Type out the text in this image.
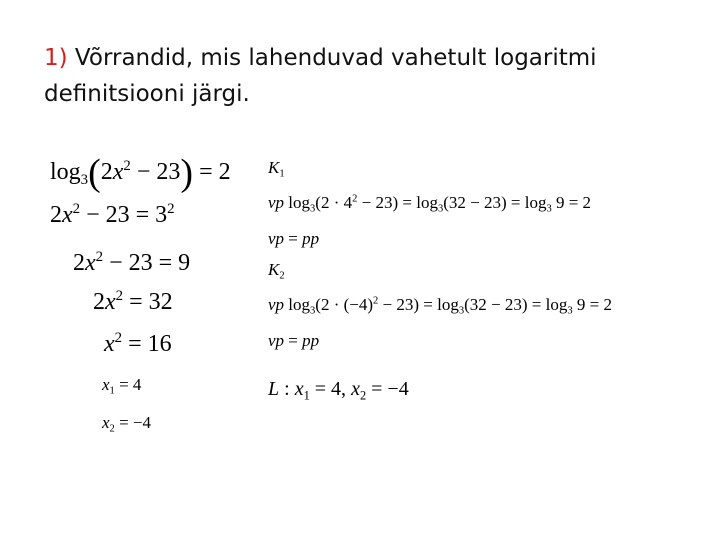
1) Võrrandid, mis lahenduvad vahetult logaritmi definitsiooni järgi.
$\log_3(2x^2 - 23) = 2$
$2x^2 - 23 = 3^2$
$2x^2 - 23 = 9$
$2x^2 = 32$
$x^2 = 16$
$x_1 = 4$
$x_2 = -4$
$K_1$
vp $\log_3(2 \cdot 4^2 - 23) = \log_3(32 - 23) = \log_3 9 = 2$
vp = pp
$K_2$
vp $\log_3(2 \cdot (-4)^2 - 23) = \log_3(32 - 23) = \log_3 9 = 2$
vp = pp
L : $x_1 = 4$, $x_2 = -4$
